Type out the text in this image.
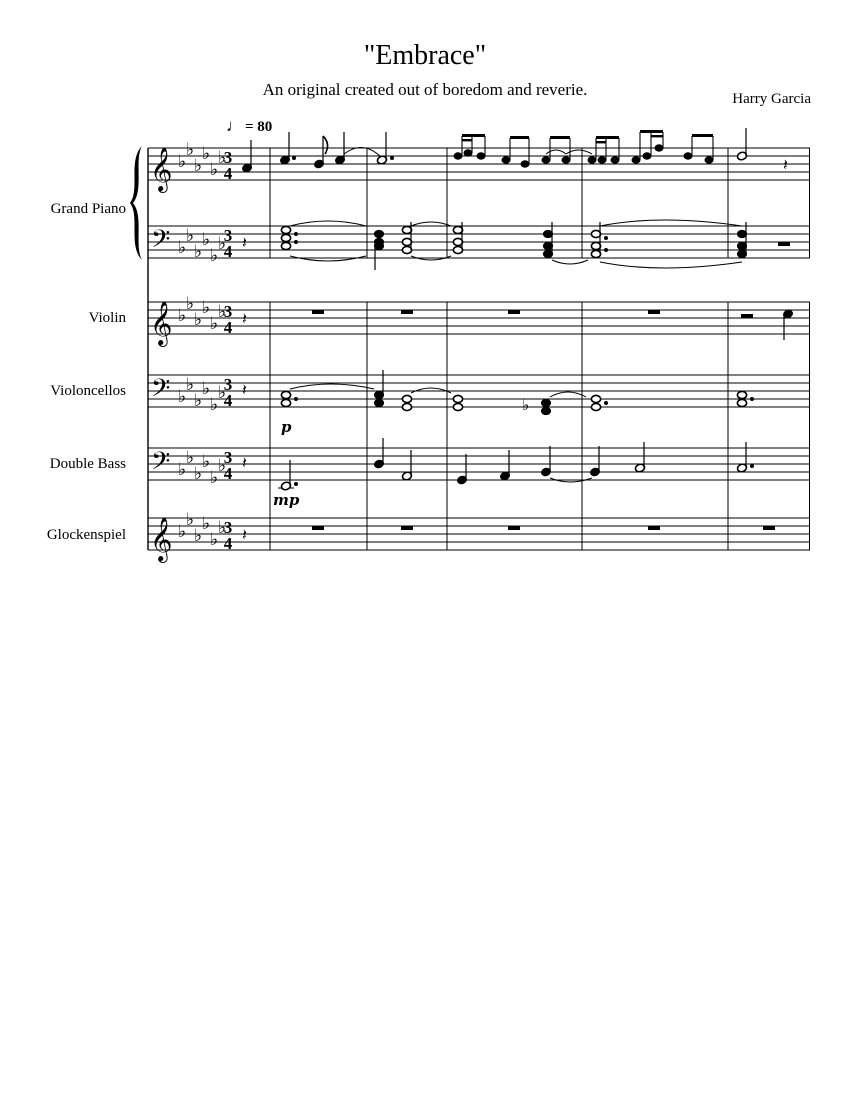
"Embrace"
An original created out of boredom and reverie.	Harry Garcia
♩ = 80
Grand Piano
Violin
Violoncellos
Double Bass
Glockenspiel
𝄞
𝄢
𝄞
𝄢
𝄢
𝄞
♭
♭
♭
♭
♭
♭
♭
♭
♭
♭
♭
♭
♭
♭
♭
♭
♭
♭
♭
♭
♭
♭
♭
♭
♭
♭
♭
♭
♭
♭
♭
♭
♭
♭
♭
♭
3
4
3
4
3
4
3
4
3
4
3
4
𝄽
𝄽
𝄽
𝄽
♭
p
𝄽
mp
𝄽
